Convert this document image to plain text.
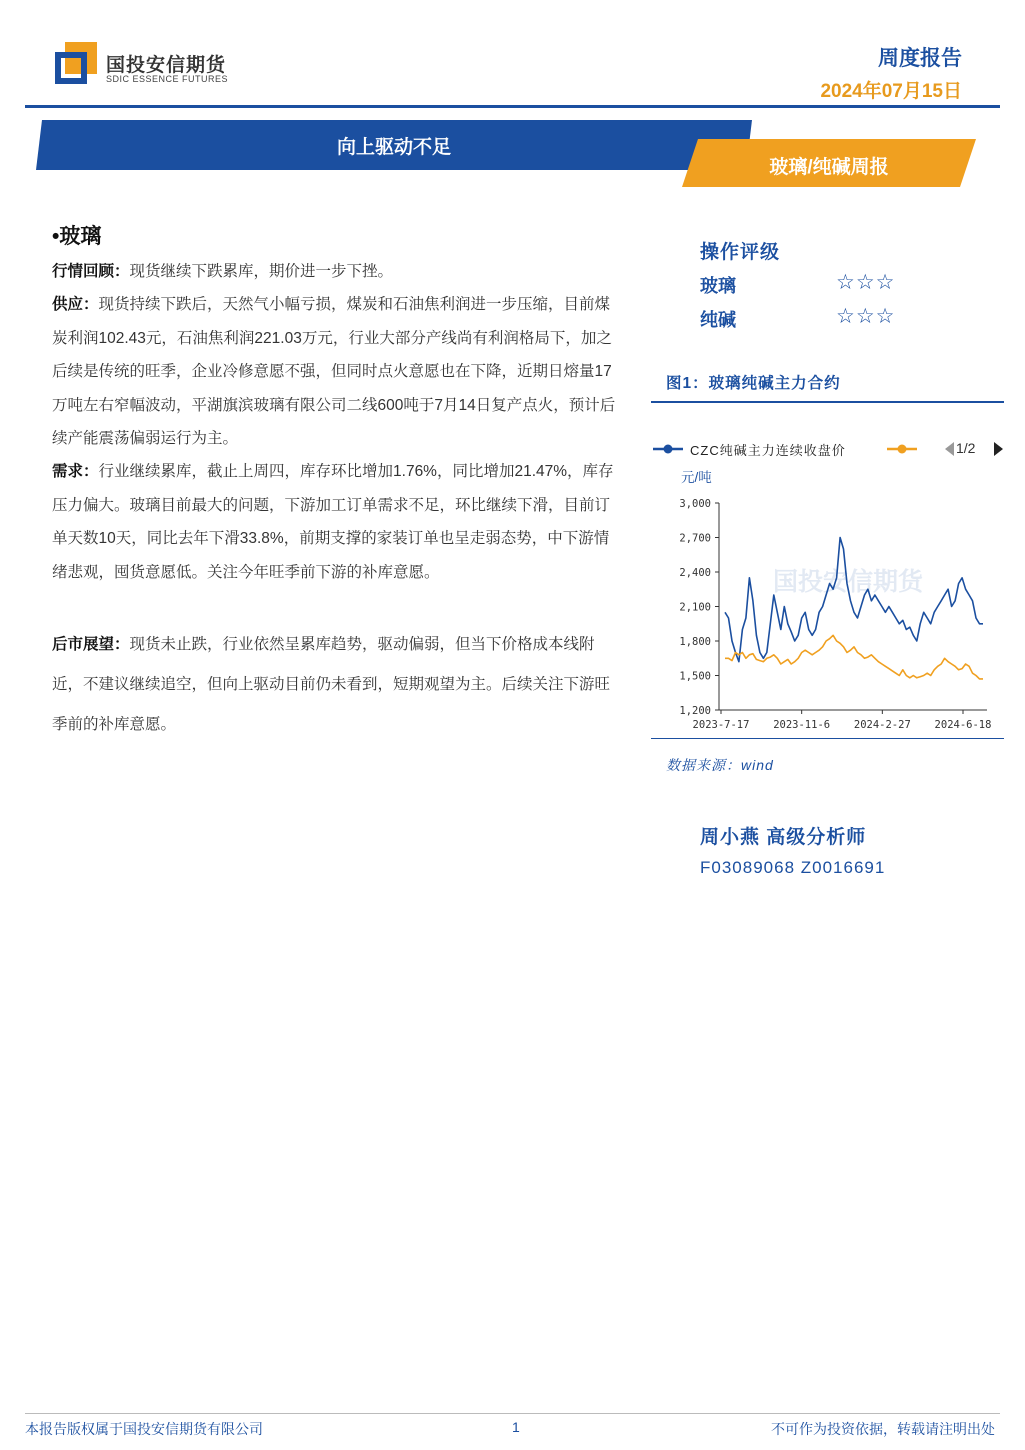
国投安信期货
SDIC ESSENCE FUTURES
周度报告
2024年07月15日
向上驱动不足
玻璃/纯碱周报
•玻璃
行情回顾：现货继续下跌累库，期价进一步下挫。
供应：现货持续下跌后，天然气小幅亏损，煤炭和石油焦利润进一步压缩，目前煤炭利润102.43元，石油焦利润221.03万元，行业大部分产线尚有利润格局下，加之后续是传统的旺季，企业冷修意愿不强，但同时点火意愿也在下降，近期日熔量17万吨左右窄幅波动，平湖旗滨玻璃有限公司二线600吨于7月14日复产点火，预计后续产能震荡偏弱运行为主。
需求：行业继续累库，截止上周四，库存环比增加1.76%，同比增加21.47%，库存压力偏大。玻璃目前最大的问题，下游加工订单需求不足，环比继续下滑，目前订单天数10天，同比去年下滑33.8%，前期支撑的家装订单也呈走弱态势，中下游情绪悲观，囤货意愿低。关注今年旺季前下游的补库意愿。
后市展望：现货未止跌，行业依然呈累库趋势，驱动偏弱，但当下价格成本线附近，不建议继续追空，但向上驱动目前仍未看到，短期观望为主。后续关注下游旺季前的补库意愿。
操作评级
玻璃	☆☆☆
纯碱	☆☆☆
图1：玻璃纯碱主力合约
CZC纯碱主力连续收盘价	1/2
元/吨
国投安信期货
3,000
2,700
2,400
2,100
1,800
1,500
1,200
2023-7-17 2023-11-6 2024-2-27 2024-6-18
数据来源：wind
周小燕 高级分析师
F03089068 Z0016691
本报告版权属于国投安信期货有限公司	1	不可作为投资依据，转载请注明出处
